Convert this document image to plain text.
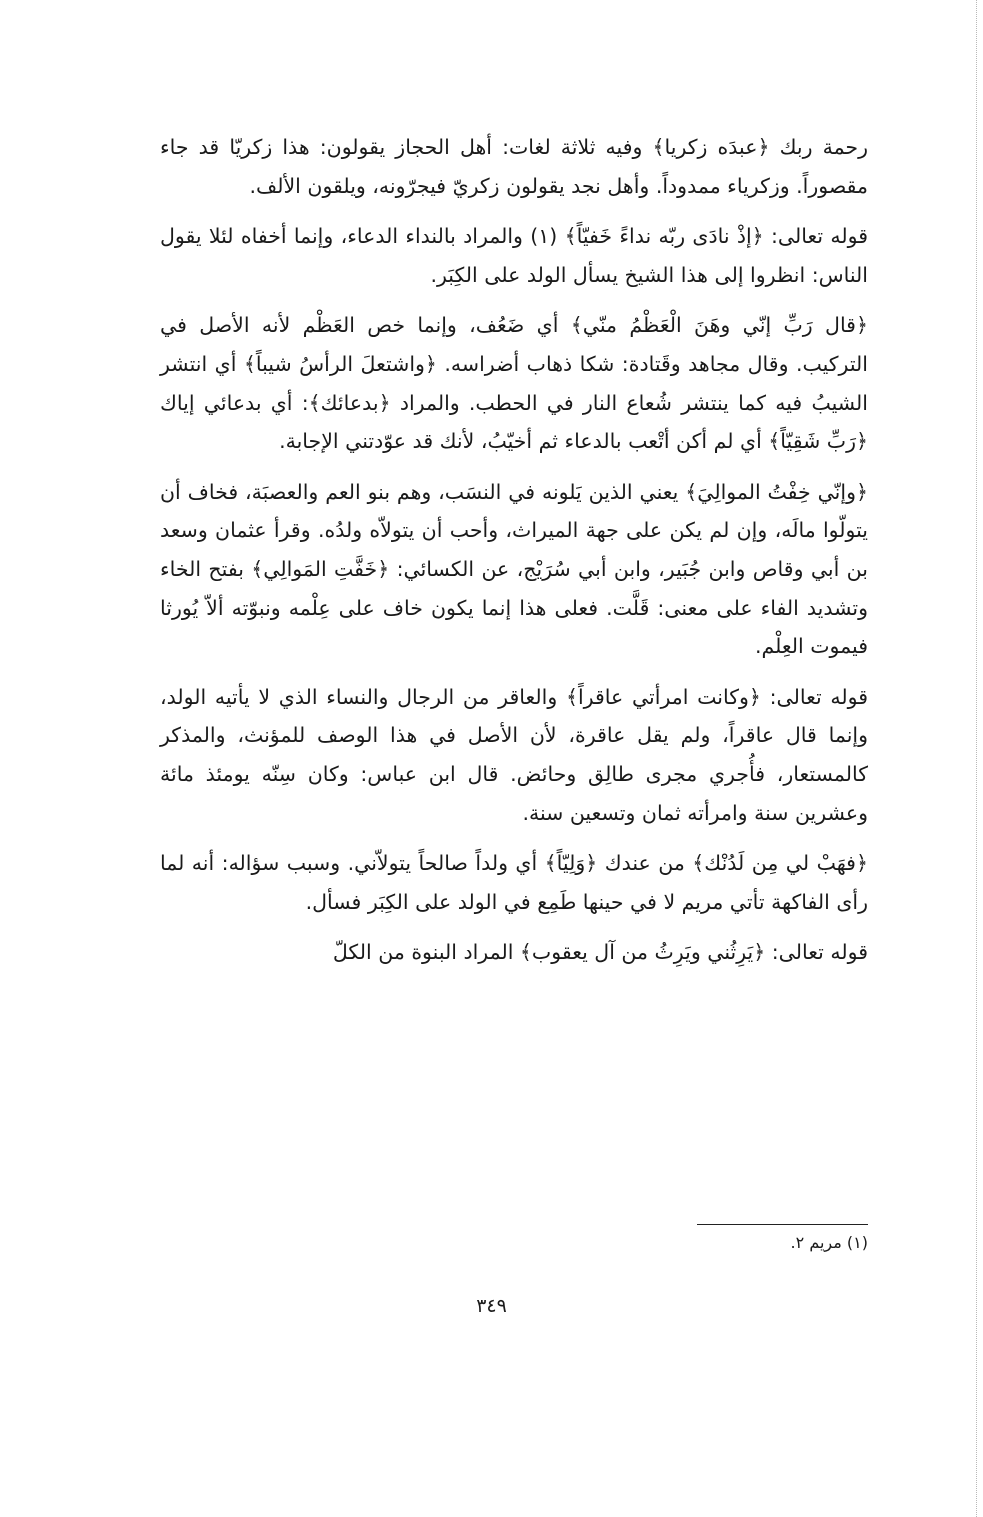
رحمة ربك ﴿عبدَه زكريا﴾ وفيه ثلاثة لغات: أهل الحجاز يقولون: هذا زكريّا قد جاء مقصوراً. وزكرياء ممدوداً. وأهل نجد يقولون زكريّ فيجرّونه، ويلقون الألف.

قوله تعالى: ﴿إذْ نادَى ربّه نداءً خَفيّاً﴾ (١) والمراد بالنداء الدعاء، وإنما أخفاه لئلا يقول الناس: انظروا إلى هذا الشيخ يسأل الولد على الكِبَر.

﴿قال رَبِّ إنّي وهَنَ الْعَظْمُ منّي﴾ أي ضَعُف، وإنما خص العَظْم لأنه الأصل في التركيب. وقال مجاهد وقَتادة: شكا ذهاب أضراسه. ﴿واشتعلَ الرأسُ شيباً﴾ أي انتشر الشيبُ فيه كما ينتشر شُعاع النار في الحطب. والمراد ﴿بدعائك﴾: أي بدعائي إياك ﴿رَبِّ شَقِيّاً﴾ أي لم أكن أتْعب بالدعاء ثم أخيّبُ، لأنك قد عوّدتني الإجابة.

﴿وإنّي خِفْتُ الموالِيَ﴾ يعني الذين يَلونه في النسَب، وهم بنو العم والعصبَة، فخاف أن يتولّوا مالَه، وإن لم يكن على جهة الميراث، وأحب أن يتولاّه ولدُه. وقرأ عثمان وسعد بن أبي وقاص وابن جُبَير، وابن أبي سُرَيْج، عن الكسائي: ﴿خَفَّتِ المَوالِي﴾ بفتح الخاء وتشديد الفاء على معنى: قَلَّت. فعلى هذا إنما يكون خاف على عِلْمه ونبوّته ألاّ يُورثا فيموت العِلْم.

قوله تعالى: ﴿وكانت امرأتي عاقراً﴾ والعاقر من الرجال والنساء الذي لا يأتيه الولد، وإنما قال عاقراً، ولم يقل عاقرة، لأن الأصل في هذا الوصف للمؤنث، والمذكر كالمستعار، فأُجري مجرى طالِق وحائض. قال ابن عباس: وكان سِنّه يومئذ مائة وعشرين سنة وامرأته ثمان وتسعين سنة.

﴿فهَبْ لي مِن لَدُنْك﴾ من عندك ﴿وَلِيّاً﴾ أي ولداً صالحاً يتولاّني. وسبب سؤاله: أنه لما رأى الفاكهة تأتي مريم لا في حينها طَمِع في الولد على الكِبَر فسأل.

قوله تعالى: ﴿يَرِثُني ويَرِثُ من آل يعقوب﴾ المراد البنوة من الكلّ

(١) مريم ٢.
٣٤٩
